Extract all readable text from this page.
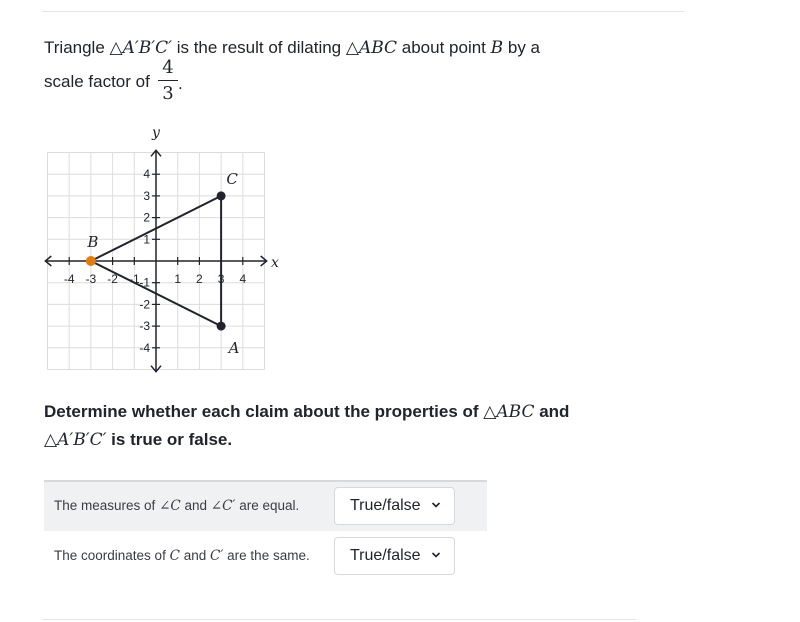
Triangle △A′B′C′ is the result of dilating △ABC about point B by a
scale factor of
4
3 .
-4 -3 -2 -1	1 2 3 4
4
3
2
1
-1
-2
-3
-4
C
A
B
y
x
Determine whether each claim about the properties of △ABC and
△A′B′C′ is true or false.
The measures of ∠C and ∠C′ are equal.	True/false
The coordinates of C and C′ are the same.	True/false
